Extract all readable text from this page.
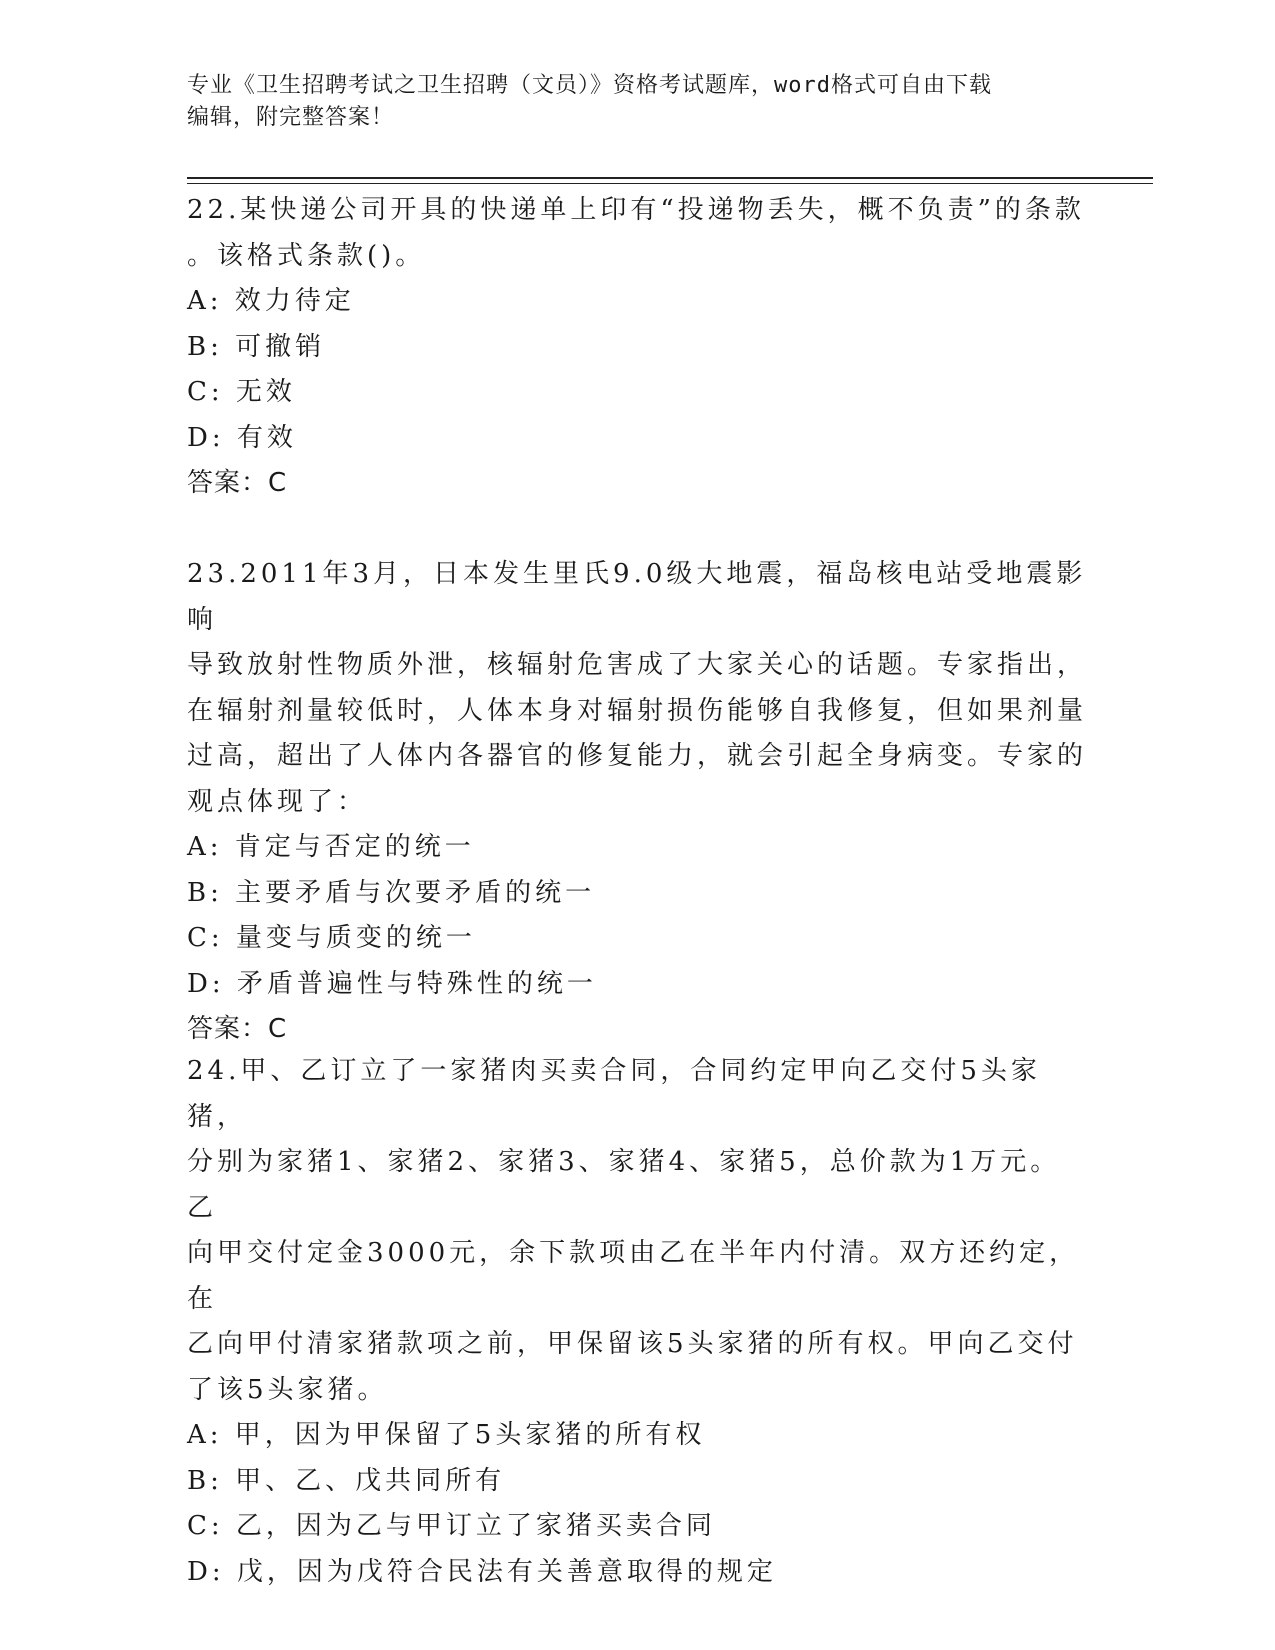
专业《卫生招聘考试之卫生招聘（文员）》资格考试题库，word格式可自由下载
编辑，附完整答案！

22.某快递公司开具的快递单上印有“投递物丢失，概不负责”的条款

。该格式条款()。

A: 效力待定

B: 可撤销

C: 无效

D: 有效

答案：C

23.2011年3月，日本发生里氏9.0级大地震，福岛核电站受地震影响

导致放射性物质外泄，核辐射危害成了大家关心的话题。专家指出，

在辐射剂量较低时，人体本身对辐射损伤能够自我修复，但如果剂量

过高，超出了人体内各器官的修复能力，就会引起全身病变。专家的

观点体现了：

A: 肯定与否定的统一

B: 主要矛盾与次要矛盾的统一

C: 量变与质变的统一

D: 矛盾普遍性与特殊性的统一

答案：C

24.甲、乙订立了一家猪肉买卖合同，合同约定甲向乙交付5头家猪，

分别为家猪1、家猪2、家猪3、家猪4、家猪5，总价款为1万元。乙

向甲交付定金3000元，余下款项由乙在半年内付清。双方还约定，在

乙向甲付清家猪款项之前，甲保留该5头家猪的所有权。甲向乙交付

了该5头家猪。

A: 甲，因为甲保留了5头家猪的所有权

B: 甲、乙、戊共同所有

C: 乙，因为乙与甲订立了家猪买卖合同

D: 戊，因为戊符合民法有关善意取得的规定
